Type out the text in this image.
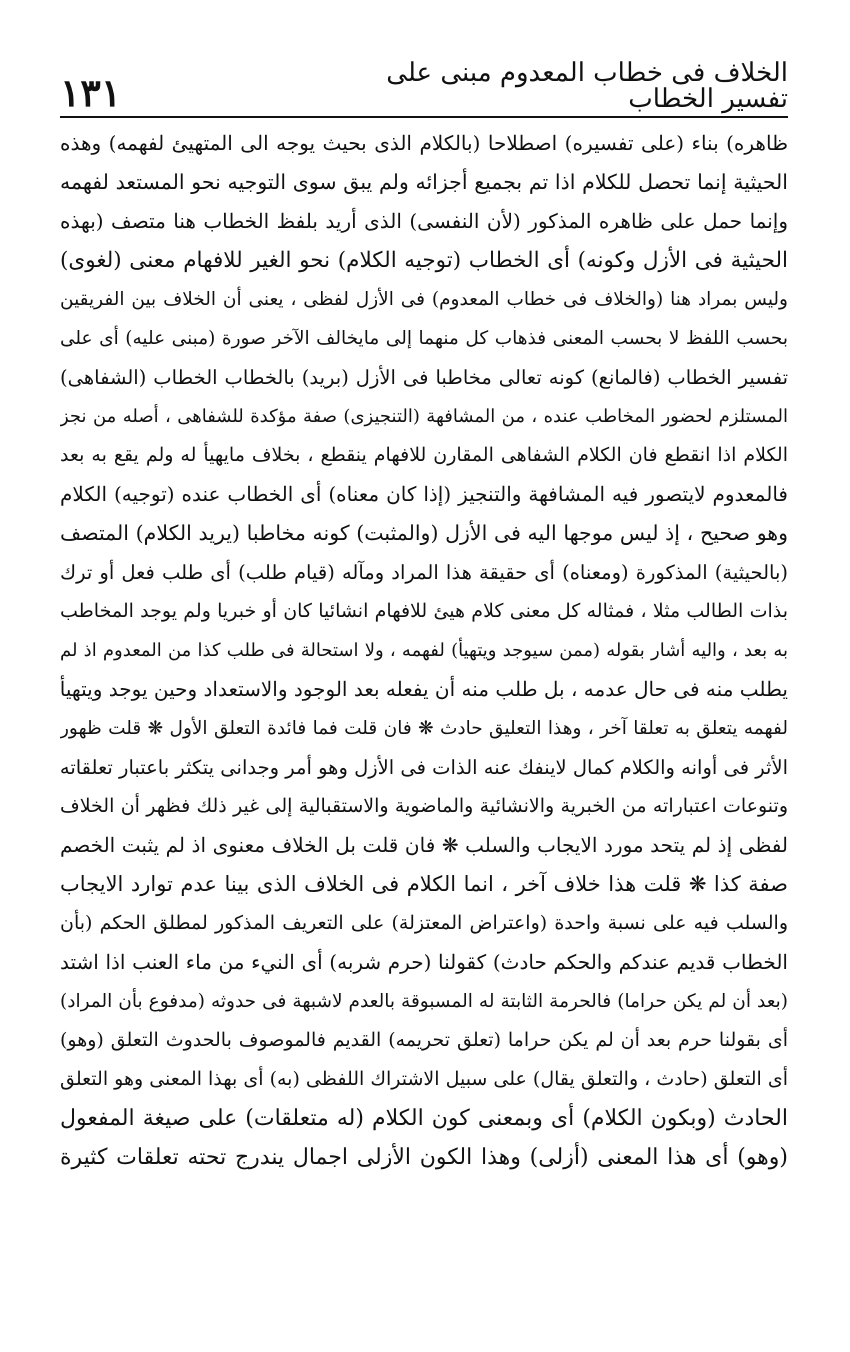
الخلاف فى خطاب المعدوم مبنى على تفسير الخطاب
١٣١
ظاهره) بناء (على تفسيره) اصطلاحا (بالكلام الذى بحيث يوجه الى المتهيئ لفهمه) وهذه
الحيثية إنما تحصل للكلام اذا تم بجميع أجزائه ولم يبق سوى التوجيه نحو المستعد لفهمه
وإنما حمل على ظاهره المذكور (لأن النفسى) الذى أريد بلفظ الخطاب هنا متصف (بهذه
الحيثية فى الأزل وكونه) أى الخطاب (توجيه الكلام) نحو الغير للافهام معنى (لغوى)
وليس بمراد هنا (والخلاف فى خطاب المعدوم) فى الأزل لفظى ، يعنى أن الخلاف بين الفريقين
بحسب اللفظ لا بحسب المعنى فذهاب كل منهما إلى مايخالف الآخر صورة (مبنى عليه) أى على
تفسير الخطاب (فالمانع) كونه تعالى مخاطبا فى الأزل (بريد) بالخطاب الخطاب (الشفاهى)
المستلزم لحضور المخاطب عنده ، من المشافهة (التنجيزى) صفة مؤكدة للشفاهى ، أصله من نجز
الكلام اذا انقطع فان الكلام الشفاهى المقارن للافهام ينقطع ، بخلاف مايهيأ له ولم يقع به بعد
فالمعدوم لايتصور فيه المشافهة والتنجيز (إذا كان معناه) أى الخطاب عنده (توجيه) الكلام
وهو صحيح ، إذ ليس موجها اليه فى الأزل (والمثبت) كونه مخاطبا (يريد الكلام) المتصف
(بالحيثية) المذكورة (ومعناه) أى حقيقة هذا المراد ومآله (قيام طلب) أى طلب فعل أو ترك
بذات الطالب مثلا ، فمثاله كل معنى كلام هيئ للافهام انشائيا كان أو خبريا ولم يوجد المخاطب
به بعد ، واليه أشار بقوله (ممن سيوجد ويتهيأ) لفهمه ، ولا استحالة فى طلب كذا من المعدوم اذ لم
يطلب منه فى حال عدمه ، بل طلب منه أن يفعله بعد الوجود والاستعداد وحين يوجد ويتهيأ
لفهمه يتعلق به تعلقا آخر ، وهذا التعليق حادث ❋ فان قلت فما فائدة التعلق الأول ❋ قلت ظهور
الأثر فى أوانه والكلام كمال لاينفك عنه الذات فى الأزل وهو أمر وجدانى يتكثر باعتبار تعلقاته
وتنوعات اعتباراته من الخبرية والانشائية والماضوية والاستقبالية إلى غير ذلك فظهر أن الخلاف
لفظى إذ لم يتحد مورد الايجاب والسلب ❋ فان قلت بل الخلاف معنوى اذ لم يثبت الخصم
صفة كذا ❋ قلت هذا خلاف آخر ، انما الكلام فى الخلاف الذى بينا عدم توارد الايجاب
والسلب فيه على نسبة واحدة (واعتراض المعتزلة) على التعريف المذكور لمطلق الحكم (بأن
الخطاب قديم عندكم والحكم حادث) كقولنا (حرم شربه) أى النيء من ماء العنب اذا اشتد
(بعد أن لم يكن حراما) فالحرمة الثابتة له المسبوقة بالعدم لاشبهة فى حدوثه (مدفوع بأن المراد)
أى بقولنا حرم بعد أن لم يكن حراما (تعلق تحريمه) القديم فالموصوف بالحدوث التعلق (وهو)
أى التعلق (حادث ، والتعلق يقال) على سبيل الاشتراك اللفظى (به) أى بهذا المعنى وهو التعلق
الحادث (وبكون الكلام) أى وبمعنى كون الكلام (له متعلقات) على صيغة المفعول
(وهو) أى هذا المعنى (أزلى) وهذا الكون الأزلى اجمال يندرج تحته تعلقات كثيرة
